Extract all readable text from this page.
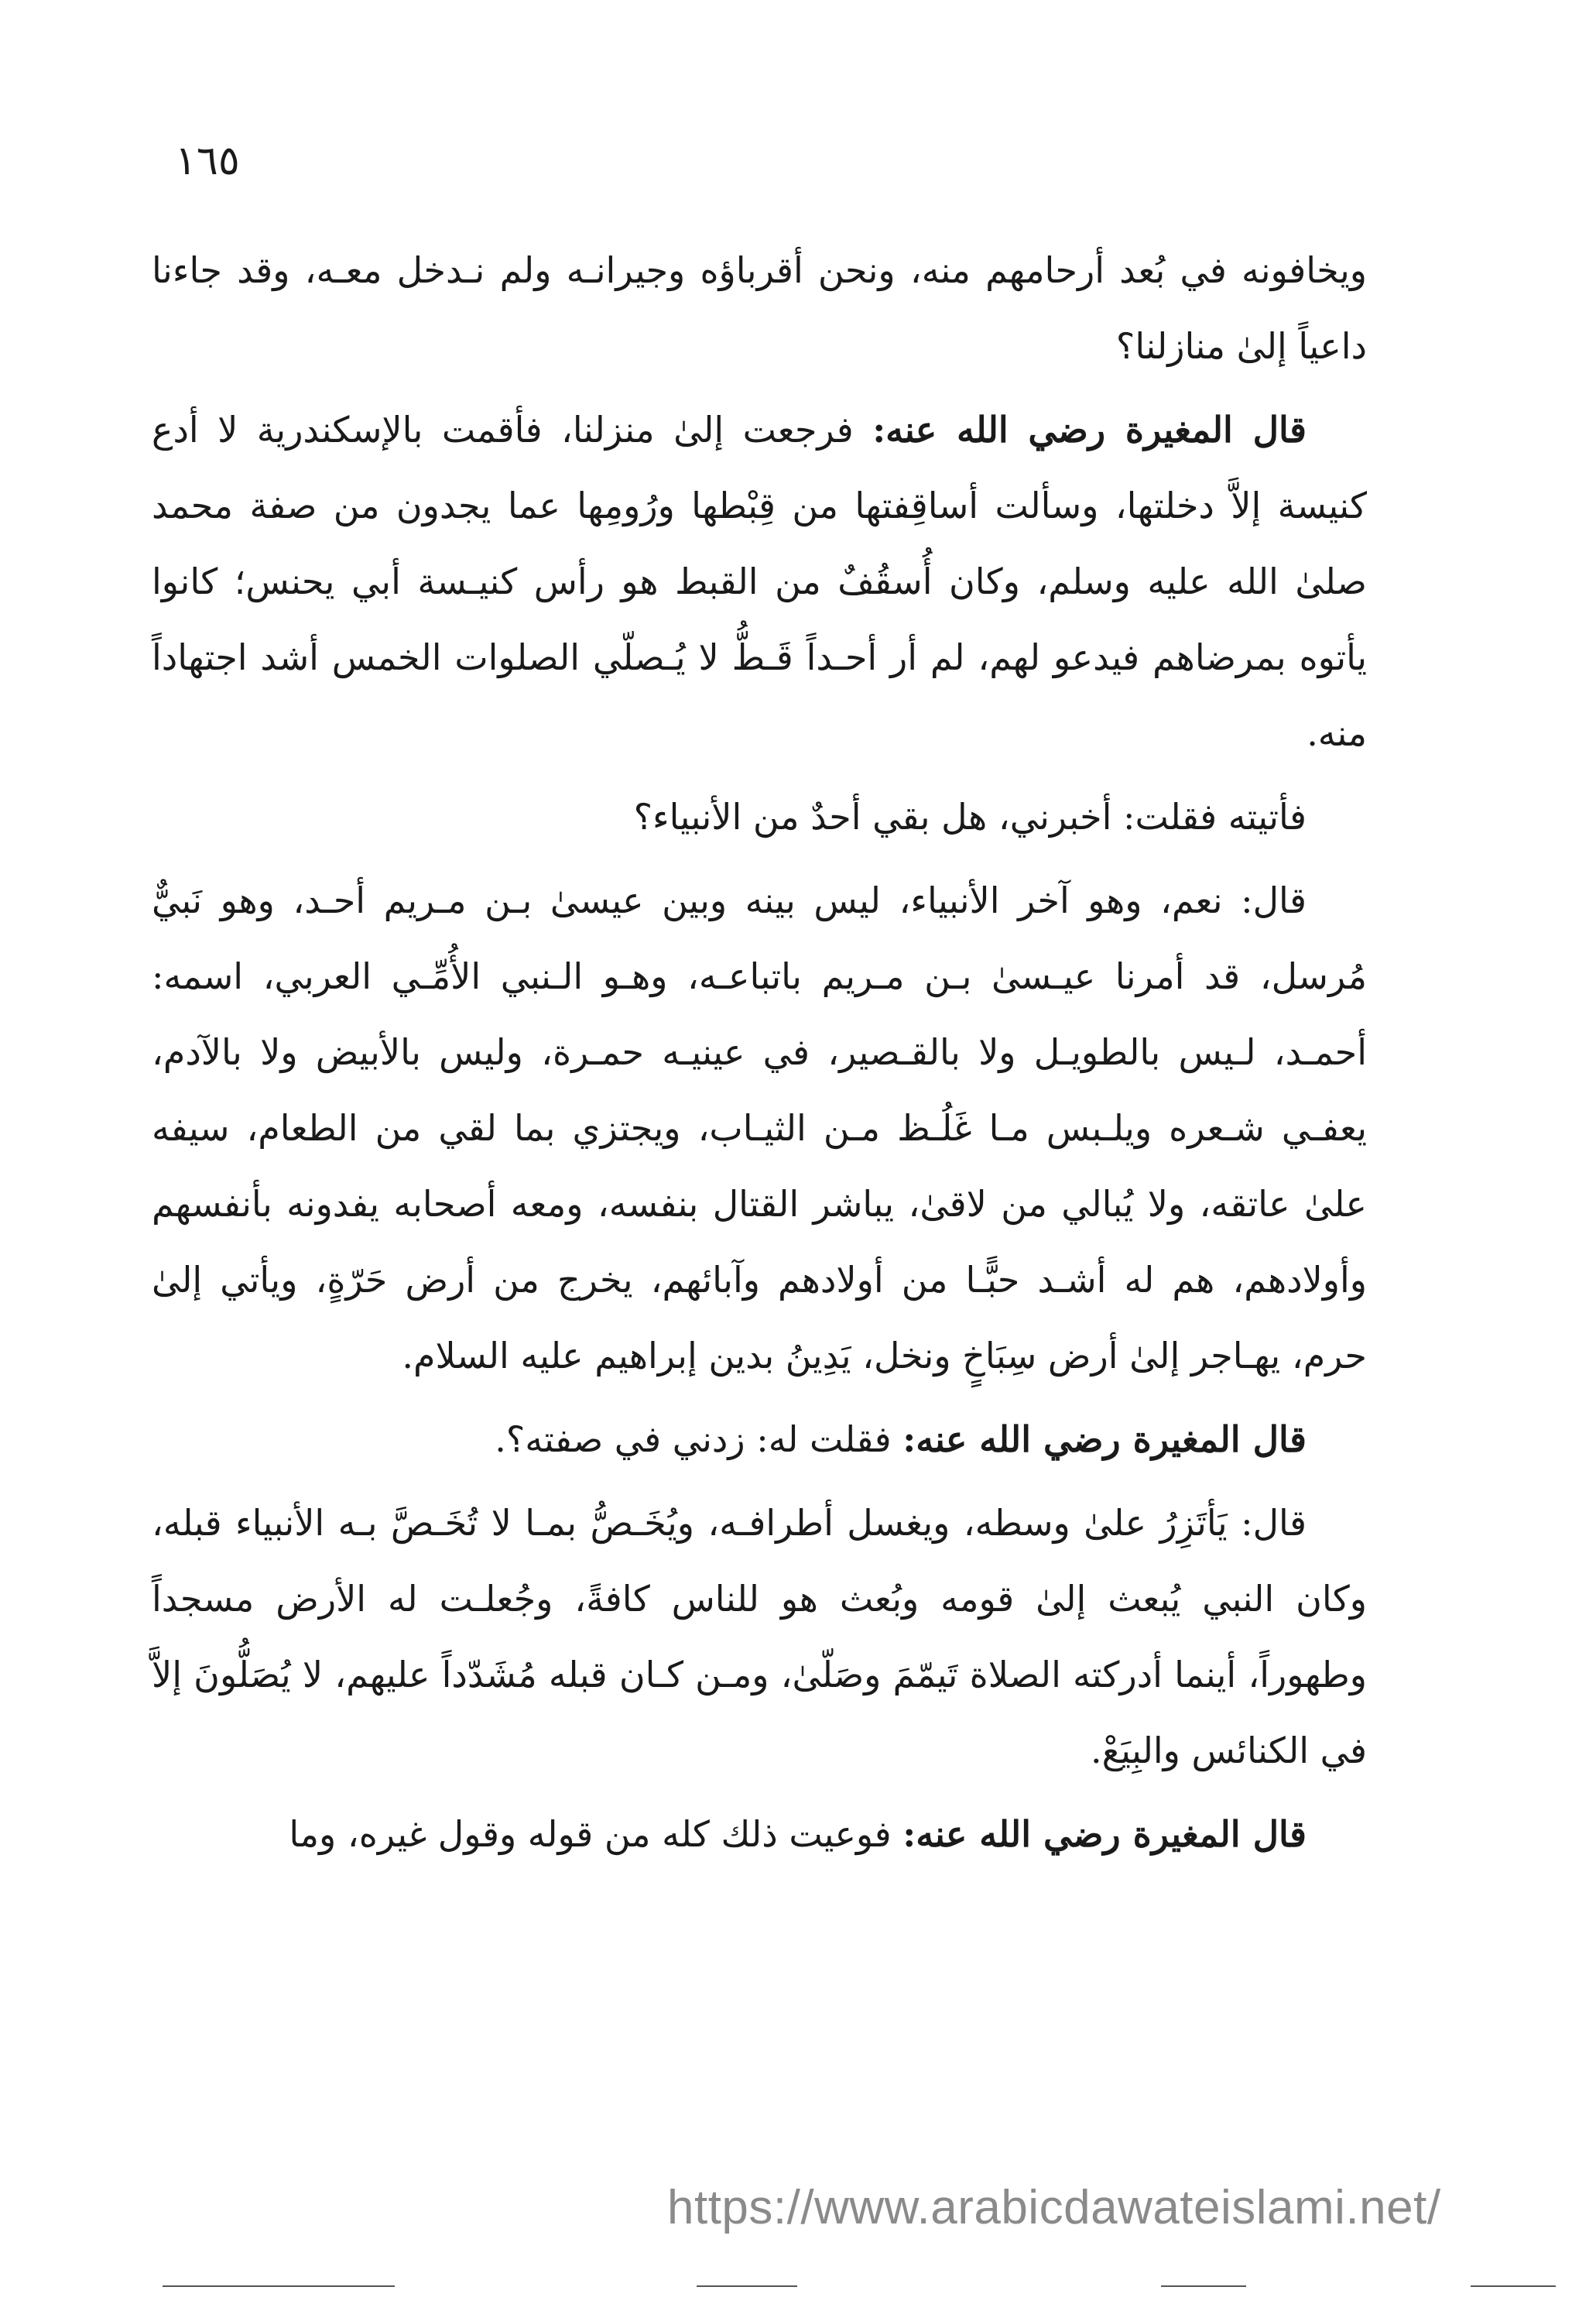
١٦٥

ويخافونه في بُعد أرحامهم منه، ونحن أقرباؤه وجيرانـه ولم نـدخل معـه، وقد جاءنا داعياً إلىٰ منازلنا؟

قال المغيرة رضي الله عنه: فرجعت إلىٰ منزلنا، فأقمت بالإسكندرية لا أدع كنيسة إلاَّ دخلتها، وسألت أساقِفتها من قِبْطها ورُومِها عما يجدون من صفة محمد صلىٰ الله عليه وسلم، وكان أُسقُفٌ من القبط هو رأس كنيـسة أبي يحنس؛ كانوا يأتوه بمرضاهم فيدعو لهم، لم أر أحـداً قَـطُّ لا يُـصلّي الصلوات الخمس أشد اجتهاداً منه.

فأتيته فقلت: أخبرني، هل بقي أحدٌ من الأنبياء؟

قال: نعم، وهو آخر الأنبياء، ليس بينه وبين عيسىٰ بـن مـريم أحـد، وهو نَبيٌّ مُرسل، قد أمرنا عيـسىٰ بـن مـريم باتباعـه، وهـو الـنبي الأُمِّـي العربي، اسمه: أحمـد، لـيس بالطويـل ولا بالقـصير، في عينيـه حمـرة، وليس بالأبيض ولا بالآدم، يعفـي شـعره ويلـبس مـا غَلُـظ مـن الثيـاب، ويجتزي بما لقي من الطعام، سيفه علىٰ عاتقه، ولا يُبالي من لاقىٰ، يباشر القتال بنفسه، ومعه أصحابه يفدونه بأنفسهم وأولادهم، هم له أشـد حبًّـا من أولادهم وآبائهم، يخرج من أرض حَرّةٍ، ويأتي إلىٰ حرم، يهـاجر إلىٰ أرض سِبَاخٍ ونخل، يَدِينُ بدين إبراهيم عليه السلام.

قال المغيرة رضي الله عنه: فقلت له: زدني في صفته؟.

قال: يَأتَزِرُ علىٰ وسطه، ويغسل أطرافـه، ويُخَـصُّ بمـا لا تُخَـصَّ بـه الأنبياء قبله، وكان النبي يُبعث إلىٰ قومه وبُعث هو للناس كافةً، وجُعلـت له الأرض مسجداً وطهوراً، أينما أدركته الصلاة تَيمّمَ وصَلّىٰ، ومـن كـان قبله مُشَدّداً عليهم، لا يُصَلُّونَ إلاَّ في الكنائس والبِيَعْ.

قال المغيرة رضي الله عنه: فوعيت ذلك كله من قوله وقول غيره، وما

https://www.arabicdawateislami.net/
